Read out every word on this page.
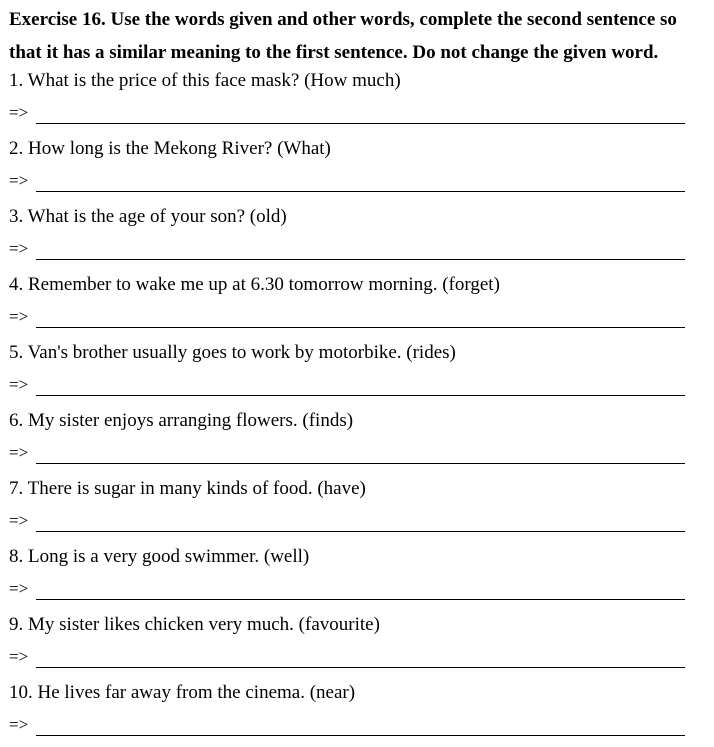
Exercise 16. Use the words given and other words, complete the second sentence so
that it has a similar meaning to the first sentence. Do not change the given word.
1. What is the price of this face mask? (How much)
=>
2. How long is the Mekong River? (What)
=>
3. What is the age of your son? (old)
=>
4. Remember to wake me up at 6.30 tomorrow morning. (forget)
=>
5. Van's brother usually goes to work by motorbike. (rides)
=>
6. My sister enjoys arranging flowers. (finds)
=>
7. There is sugar in many kinds of food. (have)
=>
8. Long is a very good swimmer. (well)
=>
9. My sister likes chicken very much. (favourite)
=>
10. He lives far away from the cinema. (near)
=>
